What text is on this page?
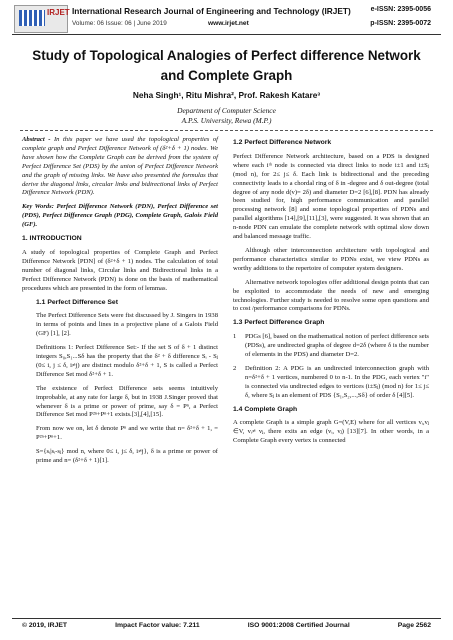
IRJET International Research Journal of Engineering and Technology (IRJET)
Volume: 06 Issue: 06 | June 2019	www.irjet.net
e-ISSN: 2395-0056
p-ISSN: 2395-0072
Study of Topological Analogies of Perfect difference Network and Complete Graph
Neha Singh¹, Ritu Mishra², Prof. Rakesh Katare³
Department of Computer Science
A.P.S. University, Rewa (M.P.)

Abstract - In this paper we have used the topological properties of complete graph and Perfect Difference Network of (δ²+δ + 1) nodes. We have shown how the Complete Graph can be derived from the system of Perfect Difference Set (PDS) by the union of Perfect Difference Network and the graph of missing links. We have also presented the formulas that derive the diagonal links, circular links and bidirectional links of Perfect Difference Network (PDN).

Key Words: Perfect Difference Network (PDN), Perfect Difference set (PDS), Perfect Difference Graph (PDG), Complete Graph, Galois Field (GF).

1. INTRODUCTION

A study of topological properties of Complete Graph and Perfect Difference Network [PDN] of (δ²+δ + 1) nodes. The calculation of total number of diagonal links, Circular links and Bidirectional links in a Perfect Difference Network (PDN) is done on the basis of mathematical procedures which are presented in the form of lemmas.

1.1 Perfect Difference Set

The Perfect Difference Sets were fist discussed by J. Singers in 1938 in terms of points and lines in a projective plane of a Galois Field (GF) [1], [2].

Definitions 1: Perfect Difference Set:- If the set S of δ + 1 distinct integers S₀,S₁...Sδ has the property that the δ² + δ difference Sᵢ - Sⱼ (0≤ i, j ≤ δ, i≠j) are distinct modulo δ²+δ + 1, S is called a Perfect Difference Set mod δ²+δ + 1.

The existence of Perfect Difference sets seems intuitively improbable, at any rate for large δ, but in 1938 J.Singer proved that whenever δ is a prime or power of prime, say δ = Pⁿ, a Perfect Difference Set mod P²ⁿ+Pⁿ+1 exists.[3],[4],[15].

From now we on, let δ denote Pⁿ and we write that n= δ²+δ + 1, = P²ⁿ+Pⁿ+1.

S={sᵢ|sᵢ-sⱼ} mod n, where 0≤ i, j≤ δ, i≠j}, δ is a prime or power of prime and n= (δ²+δ + 1)[1].

1.2 Perfect Difference Network

Perfect Difference Network architecture, based on a PDS is designed where each iᵗʰ node is connected via direct links to node i±1 and i±Sⱼ (mod n), for 2≤ j≤ δ. Each link is bidirectional and the preceding connectivity leads to a chordal ring of δ in -degree and δ out-degree (total degree of any node d(v)= 2δ) and diameter D=2 [6],[8]. PDN has already been studied for, high performance communication and parallel processing network [8] and some topological properties of PDNs and parallel algorithms [14],[9],[11],[3], were suggested. It was shown that an n-node PDN can emulate the complete network with optimal slow down and balanced message traffic.

Although other interconnection architecture with topological and performance characteristics similar to PDNs exist, we view PDNs as worthy additions to the repertoire of computer system designers.

Alternative network topologies offer additional design points that can be exploited to accommodate the needs of new and emerging technologies. Further study is needed to resolve some open questions and to cost /performance comparisons for PDNs.

1.3 Perfect Difference Graph
1	PDGs [6], based on the mathematical notion of perfect difference sets (PDSs), are undirected graphs of degree d=2δ (where δ is the number of elements in the PDS) and diameter D=2.
2	Definition 2: A PDG is an undirected interconnection graph with n=δ²+δ + 1 vertices, numbered 0 to n-1. In the PDG, each vertex "i" is connected via undirected edges to vertices (i±Sⱼ) (mod n) for 1≤ j≤ δ, where Sⱼ is an element of PDS {S₁,S₂,...,Sδ} of order δ [4][5].
1.4 Complete Graph

A complete Graph is a simple graph G=(V,E) where for all vertices vᵢ,vⱼ ∈V, vᵢ≠ vⱼ, there exits an edge (vᵢ, vⱼ) [13][7]. In other words, in a Complete Graph every vertex is connected

© 2019, IRJET	Impact Factor value: 7.211	ISO 9001:2008 Certified Journal	Page 2562
